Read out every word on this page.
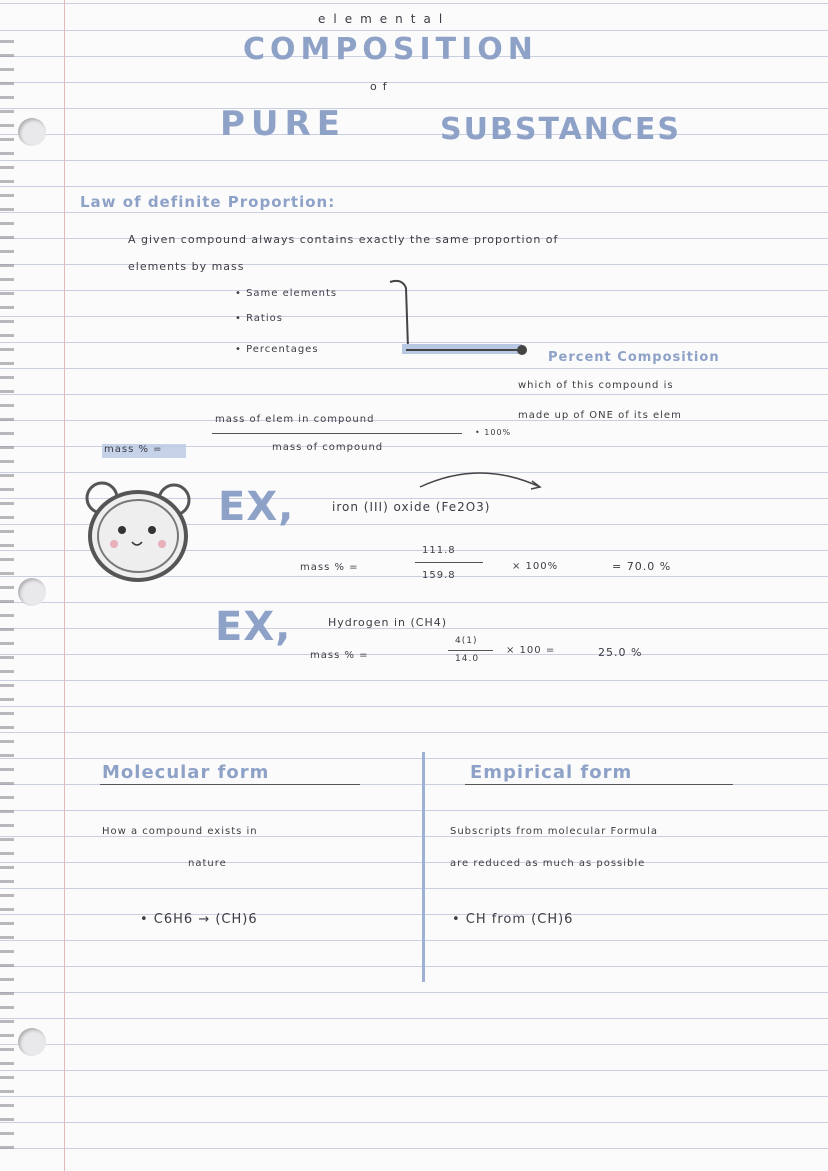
elemental
COMPOSITION
of
PURE	SUBSTANCES
Law of definite Proportion:
A given compound always contains exactly the same proportion of
elements by mass
• Same elements
• Ratios
• Percentages
Percent Composition
which of this compound is
made up of ONE of its elem
mass % =
mass of elem in compound
mass of compound
• 100%
EX,	iron (III) oxide (Fe2O3)
mass % =
111.8
159.8
× 100%	= 70.0 %
EX,	Hydrogen in (CH4)
mass % =
4(1)
14.0
× 100 =	25.0 %
Molecular form
How a compound exists in
nature
• C6H6 → (CH)6
Empirical form
Subscripts from molecular Formula
are reduced as much as possible
• CH from (CH)6
